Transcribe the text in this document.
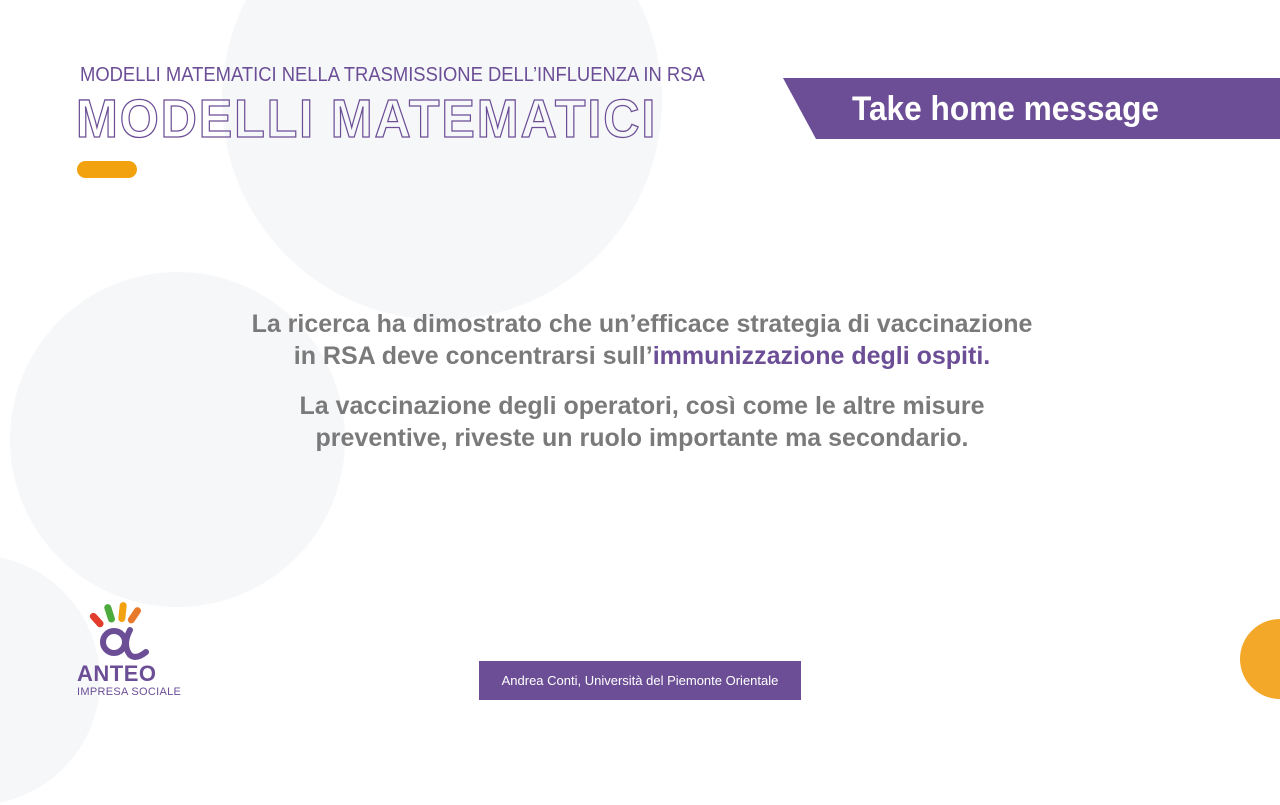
MODELLI MATEMATICI NELLA TRASMISSIONE DELL’INFLUENZA IN RSA
MODELLI MATEMATICI	Take home message

La ricerca ha dimostrato che un’efficace strategia di vaccinazione
in RSA deve concentrarsi sull’immunizzazione degli ospiti.

La vaccinazione degli operatori, così come le altre misure
preventive, riveste un ruolo importante ma secondario.

ANTEO
IMPRESA SOCIALE
Andrea Conti, Università del Piemonte Orientale
